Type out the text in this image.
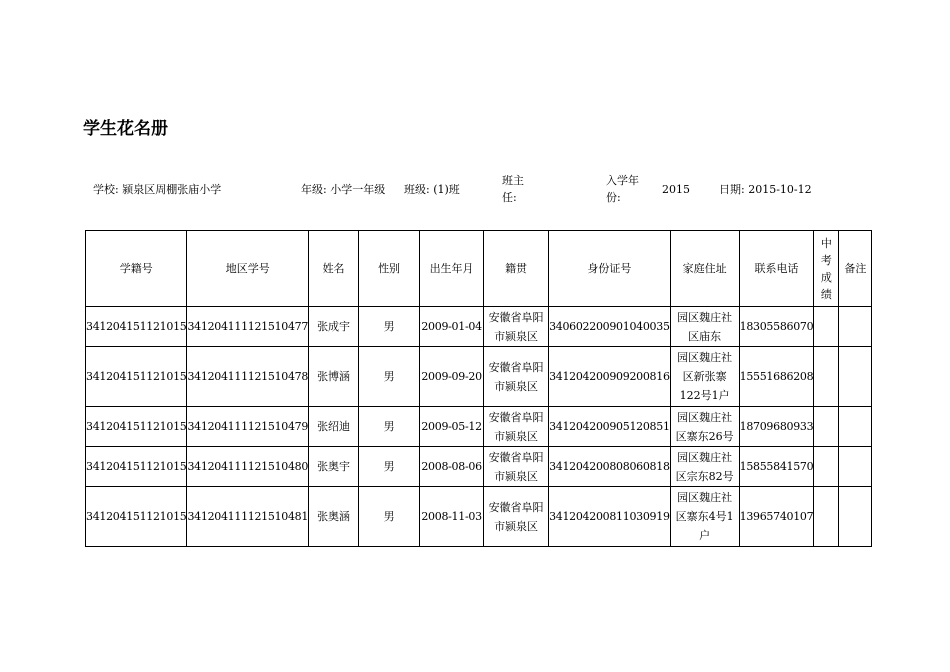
学生花名册
学校: 颍泉区周棚张庙小学	年级: 小学一年级 班级: (1)班
班主
任:
入学年
份:
2015	日期: 2015-10-12
学籍号	地区学号	姓名	性别	出生年月	籍贯	身份证号	家庭住址	联系电话	中考成绩	备注
341204151121015	341204111121510477	张成宇	男	2009-01-04	安徽省阜阳市颍泉区	340602200901040035	园区魏庄社区庙东	18305586070		
341204151121015	341204111121510478	张博涵	男	2009-09-20	安徽省阜阳市颍泉区	341204200909200816	园区魏庄社区新张寨122号1户	15551686208		
341204151121015	341204111121510479	张绍迪	男	2009-05-12	安徽省阜阳市颍泉区	341204200905120851	园区魏庄社区寨东26号	18709680933		
341204151121015	341204111121510480	张奥宇	男	2008-08-06	安徽省阜阳市颍泉区	341204200808060818	园区魏庄社区宗东82号	15855841570		
341204151121015	341204111121510481	张奥涵	男	2008-11-03	安徽省阜阳市颍泉区	341204200811030919	园区魏庄社区寨东4号1户	13965740107		
